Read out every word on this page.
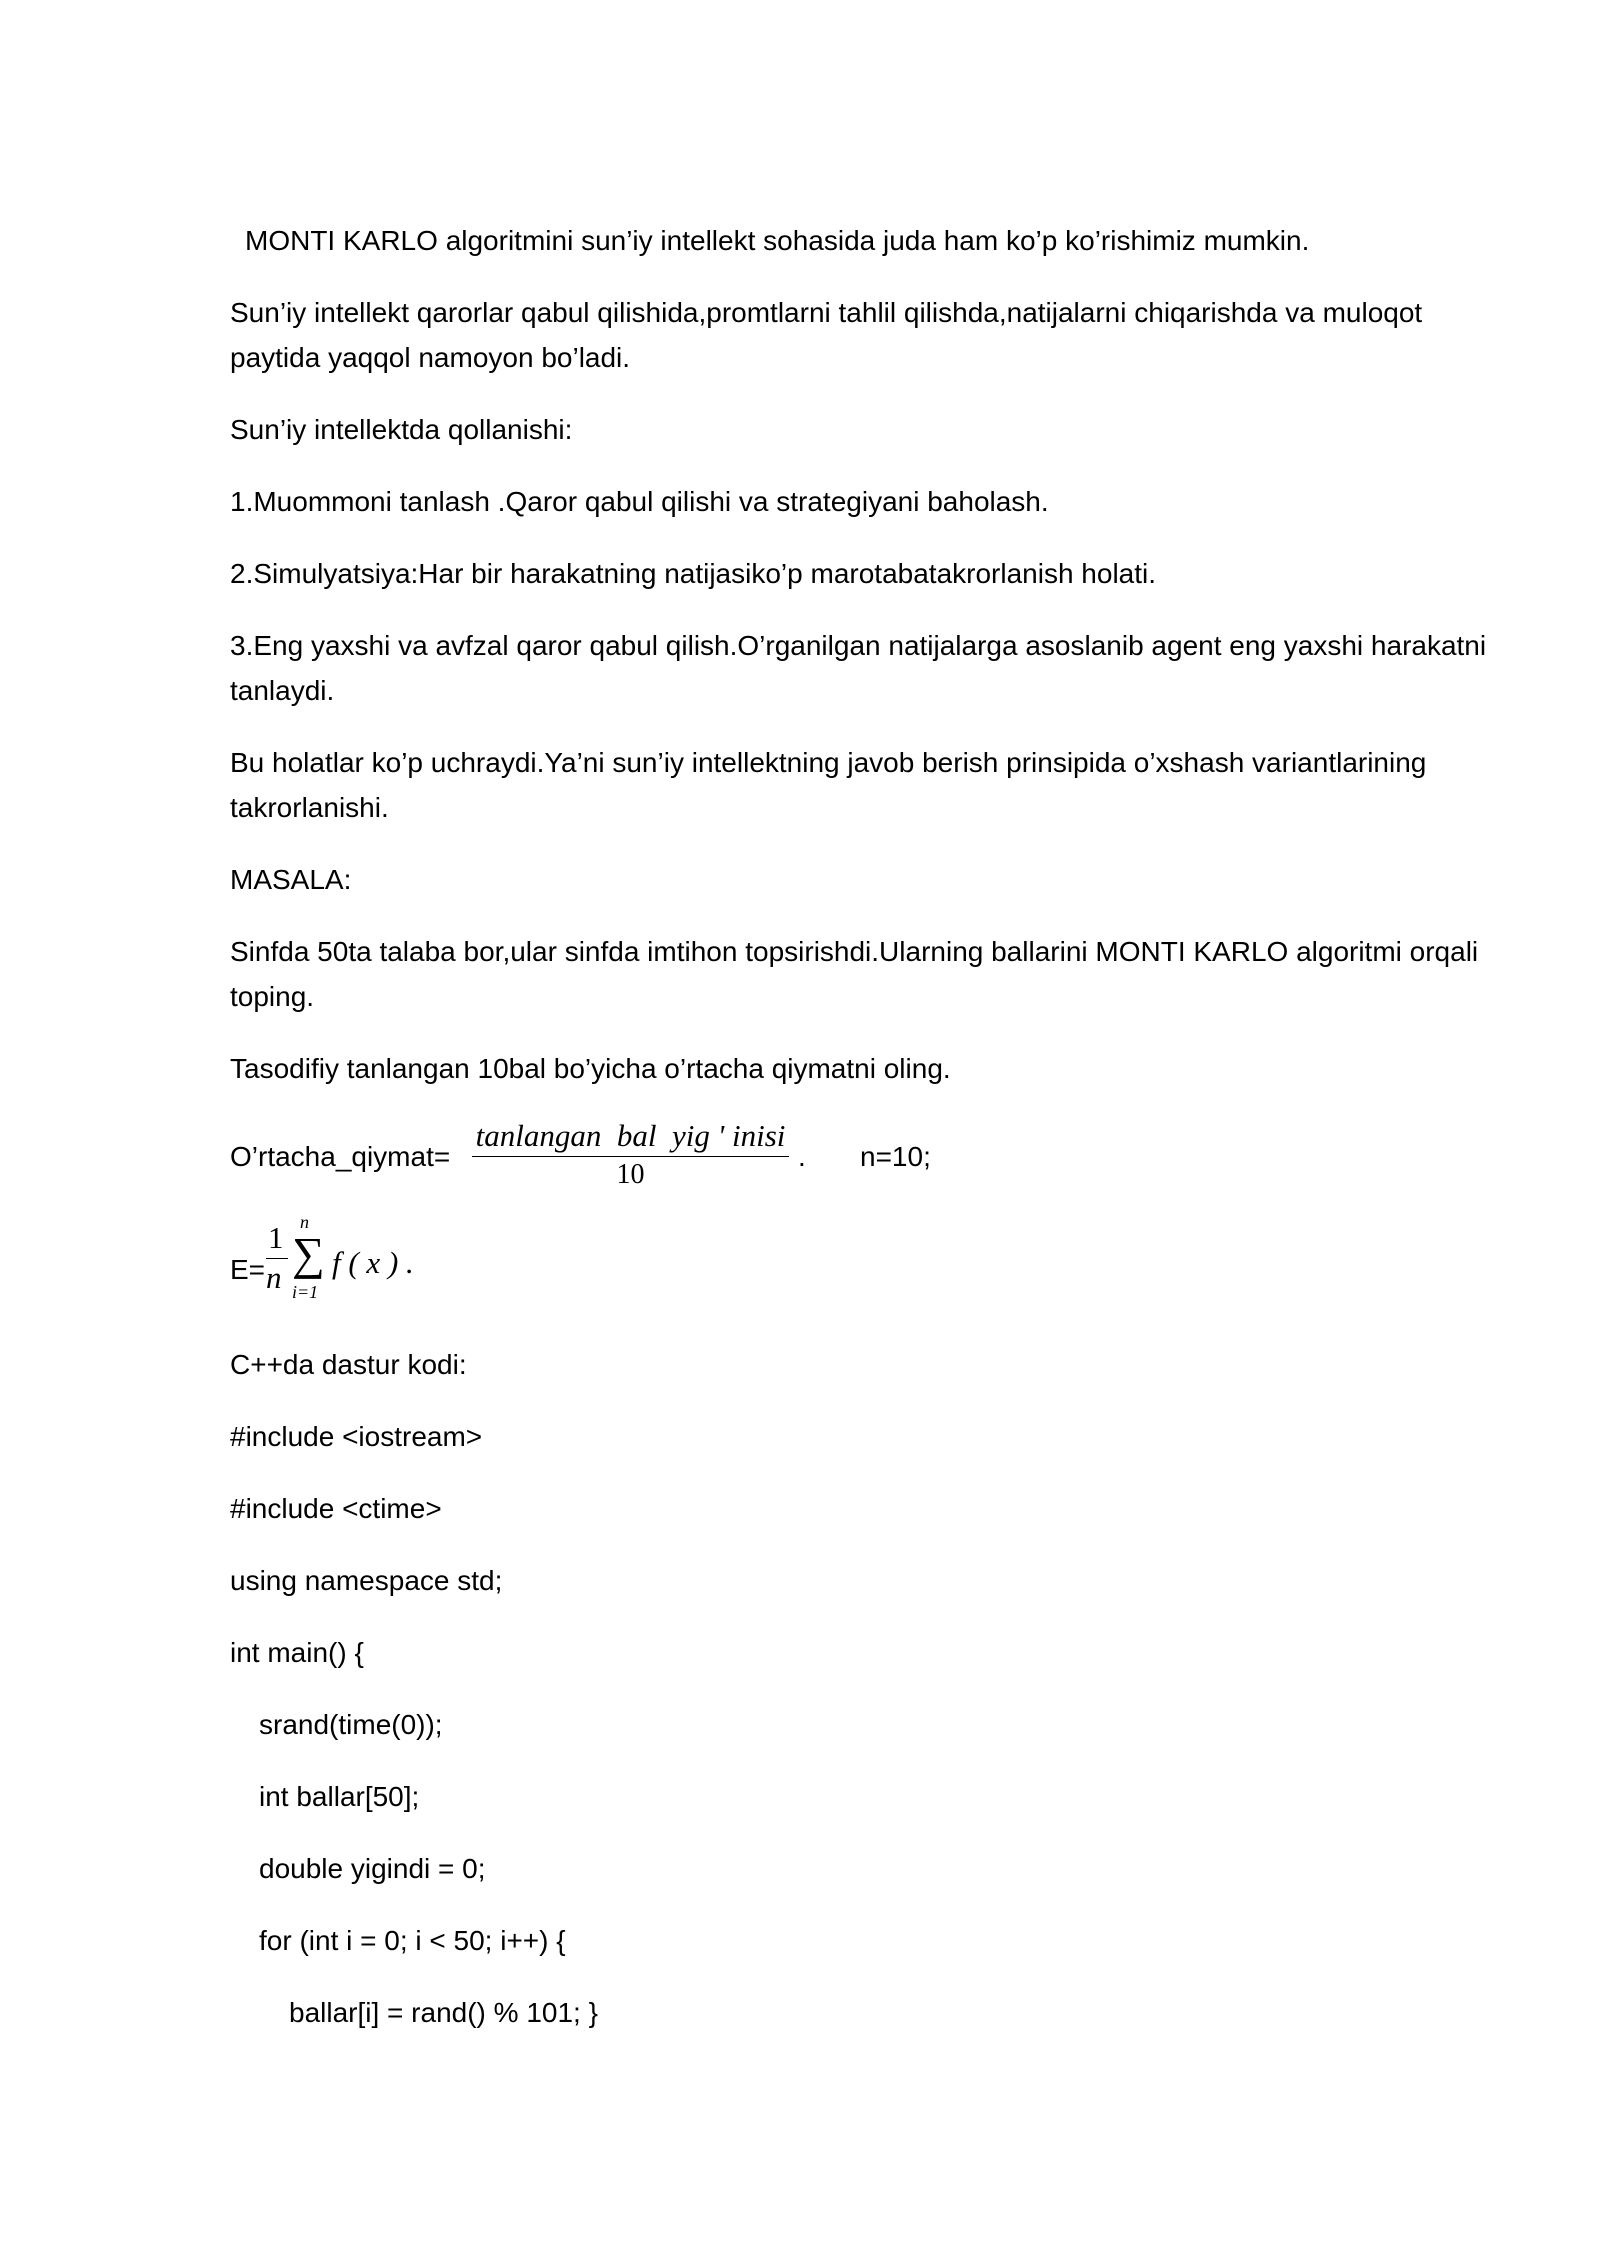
MONTI KARLO algoritmini sun’iy intellekt sohasida juda ham ko’p ko’rishimiz mumkin.

Sun’iy intellekt qarorlar qabul qilishida,promtlarni tahlil qilishda,natijalarni chiqarishda va muloqot paytida yaqqol namoyon bo’ladi.

Sun’iy intellektda qollanishi:

1.Muommoni tanlash .Qaror qabul qilishi va strategiyani baholash.

2.Simulyatsiya:Har bir harakatning natijasiko’p marotabatakrorlanish holati.

3.Eng yaxshi va avfzal qaror qabul qilish.O’rganilgan natijalarga asoslanib agent eng yaxshi harakatni tanlaydi.

Bu holatlar ko’p uchraydi.Ya’ni sun’iy intellektning javob berish prinsipida o’xshash variantlarining takrorlanishi.

MASALA:

Sinfda 50ta talaba bor,ular sinfda imtihon topsirishdi.Ularning ballarini MONTI KARLO algoritmi orqali toping.

Tasodifiy tanlangan 10bal bo’yicha o’rtacha qiymatni oling.

O’rtacha_qiymat=
tanlangan  bal  yig ' inisi
10
. n=10;
E=
1
n
n
∑
i=1
f ( x ) .

C++da dastur kodi:

#include <iostream>

#include <ctime>

using namespace std;

int main() {

srand(time(0));

int ballar[50];

double yigindi = 0;

for (int i = 0; i < 50; i++) {

ballar[i] = rand() % 101; }
